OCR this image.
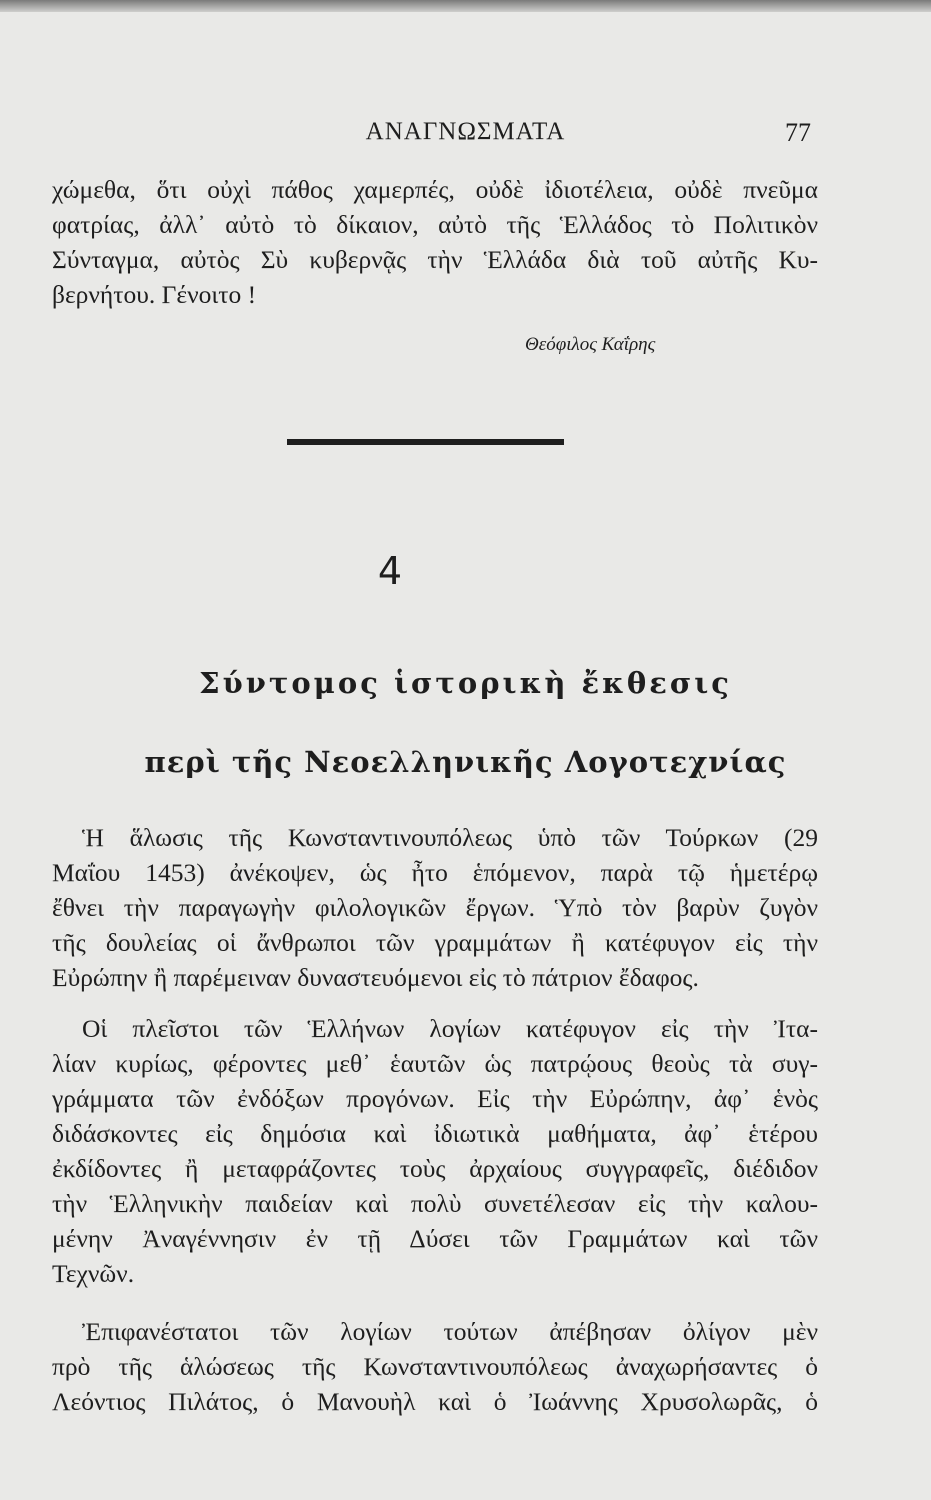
ΑΝΑΓΝΩΣΜΑΤΑ	77
χώμεθα, ὅτι οὐχὶ πάθος χαμερπές, οὐδὲ ἰδιοτέλεια, οὐδὲ πνεῦμα
φατρίας, ἀλλ᾽ αὐτὸ τὸ δίκαιον, αὐτὸ τῆς Ἑλλάδος τὸ Πολιτικὸν
Σύνταγμα, αὐτὸς Σὺ κυβερνᾷς τὴν Ἑλλάδα διὰ τοῦ αὐτῆς Κυ-
βερνήτου. Γένοιτο !
Θεόφιλος Καΐρης
4
Σύντομος ἱστορικὴ ἔκθεσις
περὶ τῆς Νεοελληνικῆς Λογοτεχνίας
Ἡ ἅλωσις τῆς Κωνσταντινουπόλεως ὑπὸ τῶν Τούρκων (29
Μαΐου 1453) ἀνέκοψεν, ὡς ἦτο ἑπόμενον, παρὰ τῷ ἡμετέρῳ
ἔθνει τὴν παραγωγὴν φιλολογικῶν ἔργων. Ὑπὸ τὸν βαρὺν ζυγὸν
τῆς δουλείας οἱ ἄνθρωποι τῶν γραμμάτων ἢ κατέφυγον εἰς τὴν
Εὐρώπην ἢ παρέμειναν δυναστευόμενοι εἰς τὸ πάτριον ἔδαφος.
Οἱ πλεῖστοι τῶν Ἑλλήνων λογίων κατέφυγον εἰς τὴν Ἰτα-
λίαν κυρίως, φέροντες μεθ᾽ ἑαυτῶν ὡς πατρῴους θεοὺς τὰ συγ-
γράμματα τῶν ἐνδόξων προγόνων. Εἰς τὴν Εὐρώπην, ἀφ᾽ ἑνὸς
διδάσκοντες εἰς δημόσια καὶ ἰδιωτικὰ μαθήματα, ἀφ᾽ ἑτέρου
ἐκδίδοντες ἢ μεταφράζοντες τοὺς ἀρχαίους συγγραφεῖς, διέδιδον
τὴν Ἑλληνικὴν παιδείαν καὶ πολὺ συνετέλεσαν εἰς τὴν καλου-
μένην Ἀναγέννησιν ἐν τῇ Δύσει τῶν Γραμμάτων καὶ τῶν
Τεχνῶν.
Ἐπιφανέστατοι τῶν λογίων τούτων ἀπέβησαν ὀλίγον μὲν
πρὸ τῆς ἁλώσεως τῆς Κωνσταντινουπόλεως ἀναχωρήσαντες ὁ
Λεόντιος Πιλάτος, ὁ Μανουὴλ καὶ ὁ Ἰωάννης Χρυσολωρᾶς, ὁ
